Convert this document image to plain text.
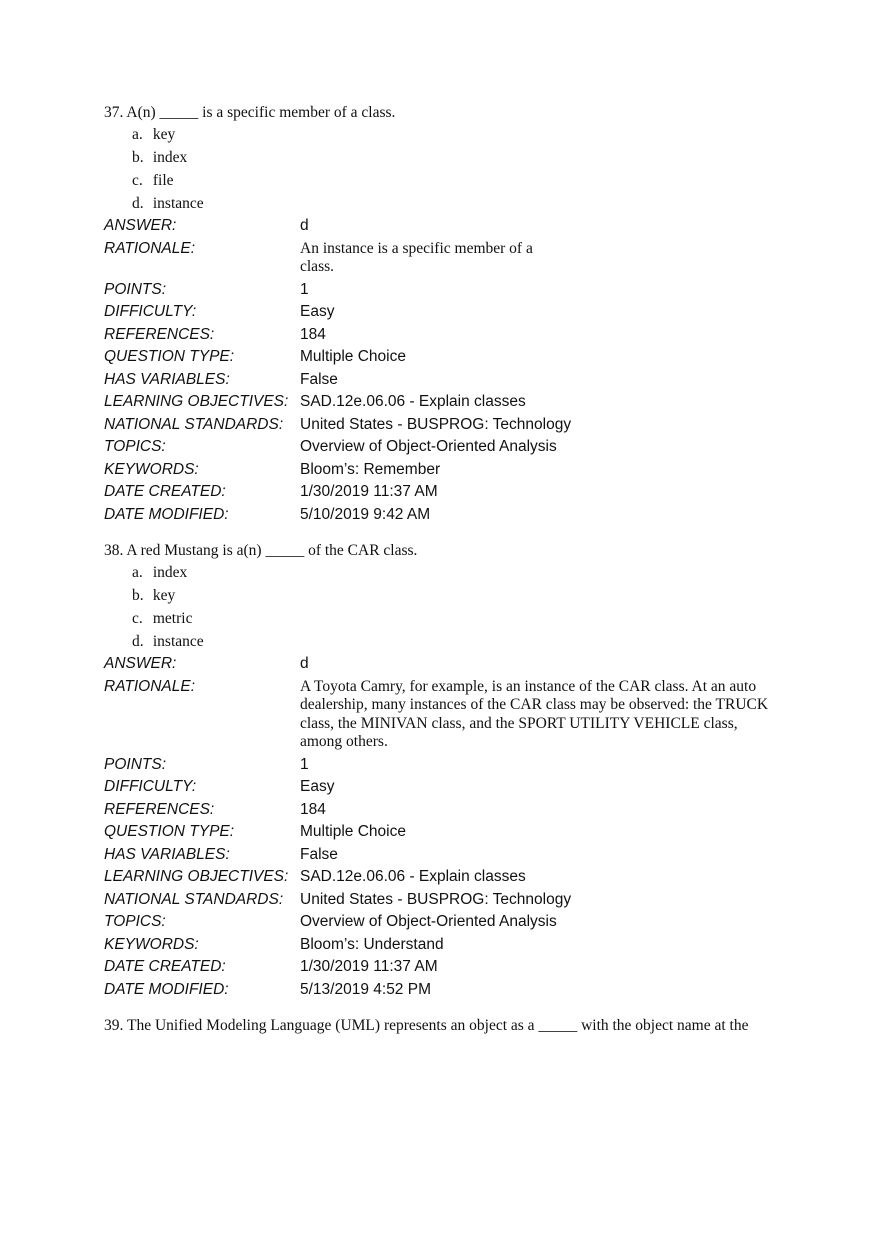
37. A(n) _____ is a specific member of a class.
a. key
b. index
c. file
d. instance
ANSWER:	d
RATIONALE:	An instance is a specific member of a class.
POINTS:	1
DIFFICULTY:	Easy
REFERENCES:	184
QUESTION TYPE:	Multiple Choice
HAS VARIABLES:	False
LEARNING OBJECTIVES: SAD.12e.06.06 - Explain classes
NATIONAL STANDARDS:	United States - BUSPROG: Technology
TOPICS:	Overview of Object-Oriented Analysis
KEYWORDS:	Bloom’s: Remember
DATE CREATED:	1/30/2019 11:37 AM
DATE MODIFIED:	5/10/2019 9:42 AM
38. A red Mustang is a(n) _____ of the CAR class.
a. index
b. key
c. metric
d. instance
ANSWER:	d
RATIONALE:	A Toyota Camry, for example, is an instance of the CAR class. At an auto dealership, many instances of the CAR class may be observed: the TRUCK class, the MINIVAN class, and the SPORT UTILITY VEHICLE class, among others.
POINTS:	1
DIFFICULTY:	Easy
REFERENCES:	184
QUESTION TYPE:	Multiple Choice
HAS VARIABLES:	False
LEARNING OBJECTIVES: SAD.12e.06.06 - Explain classes
NATIONAL STANDARDS:	United States - BUSPROG: Technology
TOPICS:	Overview of Object-Oriented Analysis
KEYWORDS:	Bloom’s: Understand
DATE CREATED:	1/30/2019 11:37 AM
DATE MODIFIED:	5/13/2019 4:52 PM
39. The Unified Modeling Language (UML) represents an object as a _____ with the object name at the
